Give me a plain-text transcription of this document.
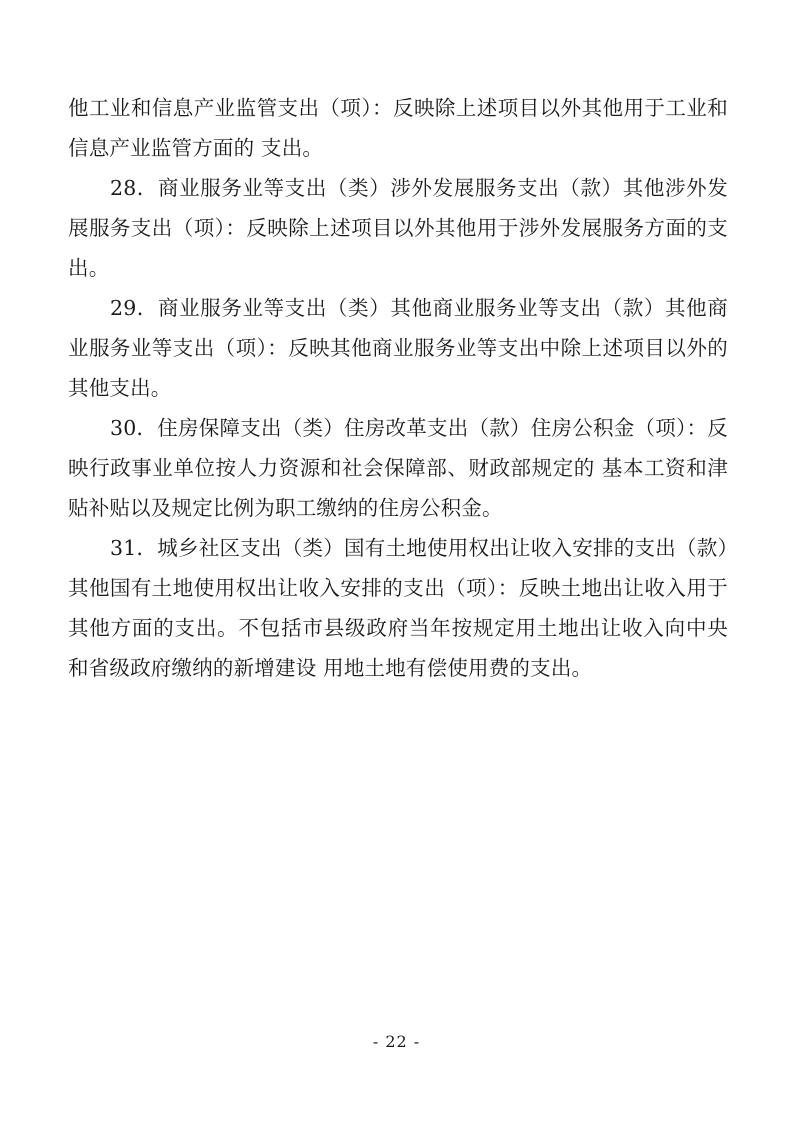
他工业和信息产业监管支出（项）：反映除上述项目以外其他用于工业和信息产业监管方面的 支出。

28．商业服务业等支出（类）涉外发展服务支出（款）其他涉外发展服务支出（项）：反映除上述项目以外其他用于涉外发展服务方面的支出。

29．商业服务业等支出（类）其他商业服务业等支出（款）其他商业服务业等支出（项）：反映其他商业服务业等支出中除上述项目以外的其他支出。

30．住房保障支出（类）住房改革支出（款）住房公积金（项）：反映行政事业单位按人力资源和社会保障部、财政部规定的 基本工资和津贴补贴以及规定比例为职工缴纳的住房公积金。

31．城乡社区支出（类）国有土地使用权出让收入安排的支出（款）其他国有土地使用权出让收入安排的支出（项）：反映土地出让收入用于其他方面的支出。不包括市县级政府当年按规定用土地出让收入向中央和省级政府缴纳的新增建设 用地土地有偿使用费的支出。

- 22 -
